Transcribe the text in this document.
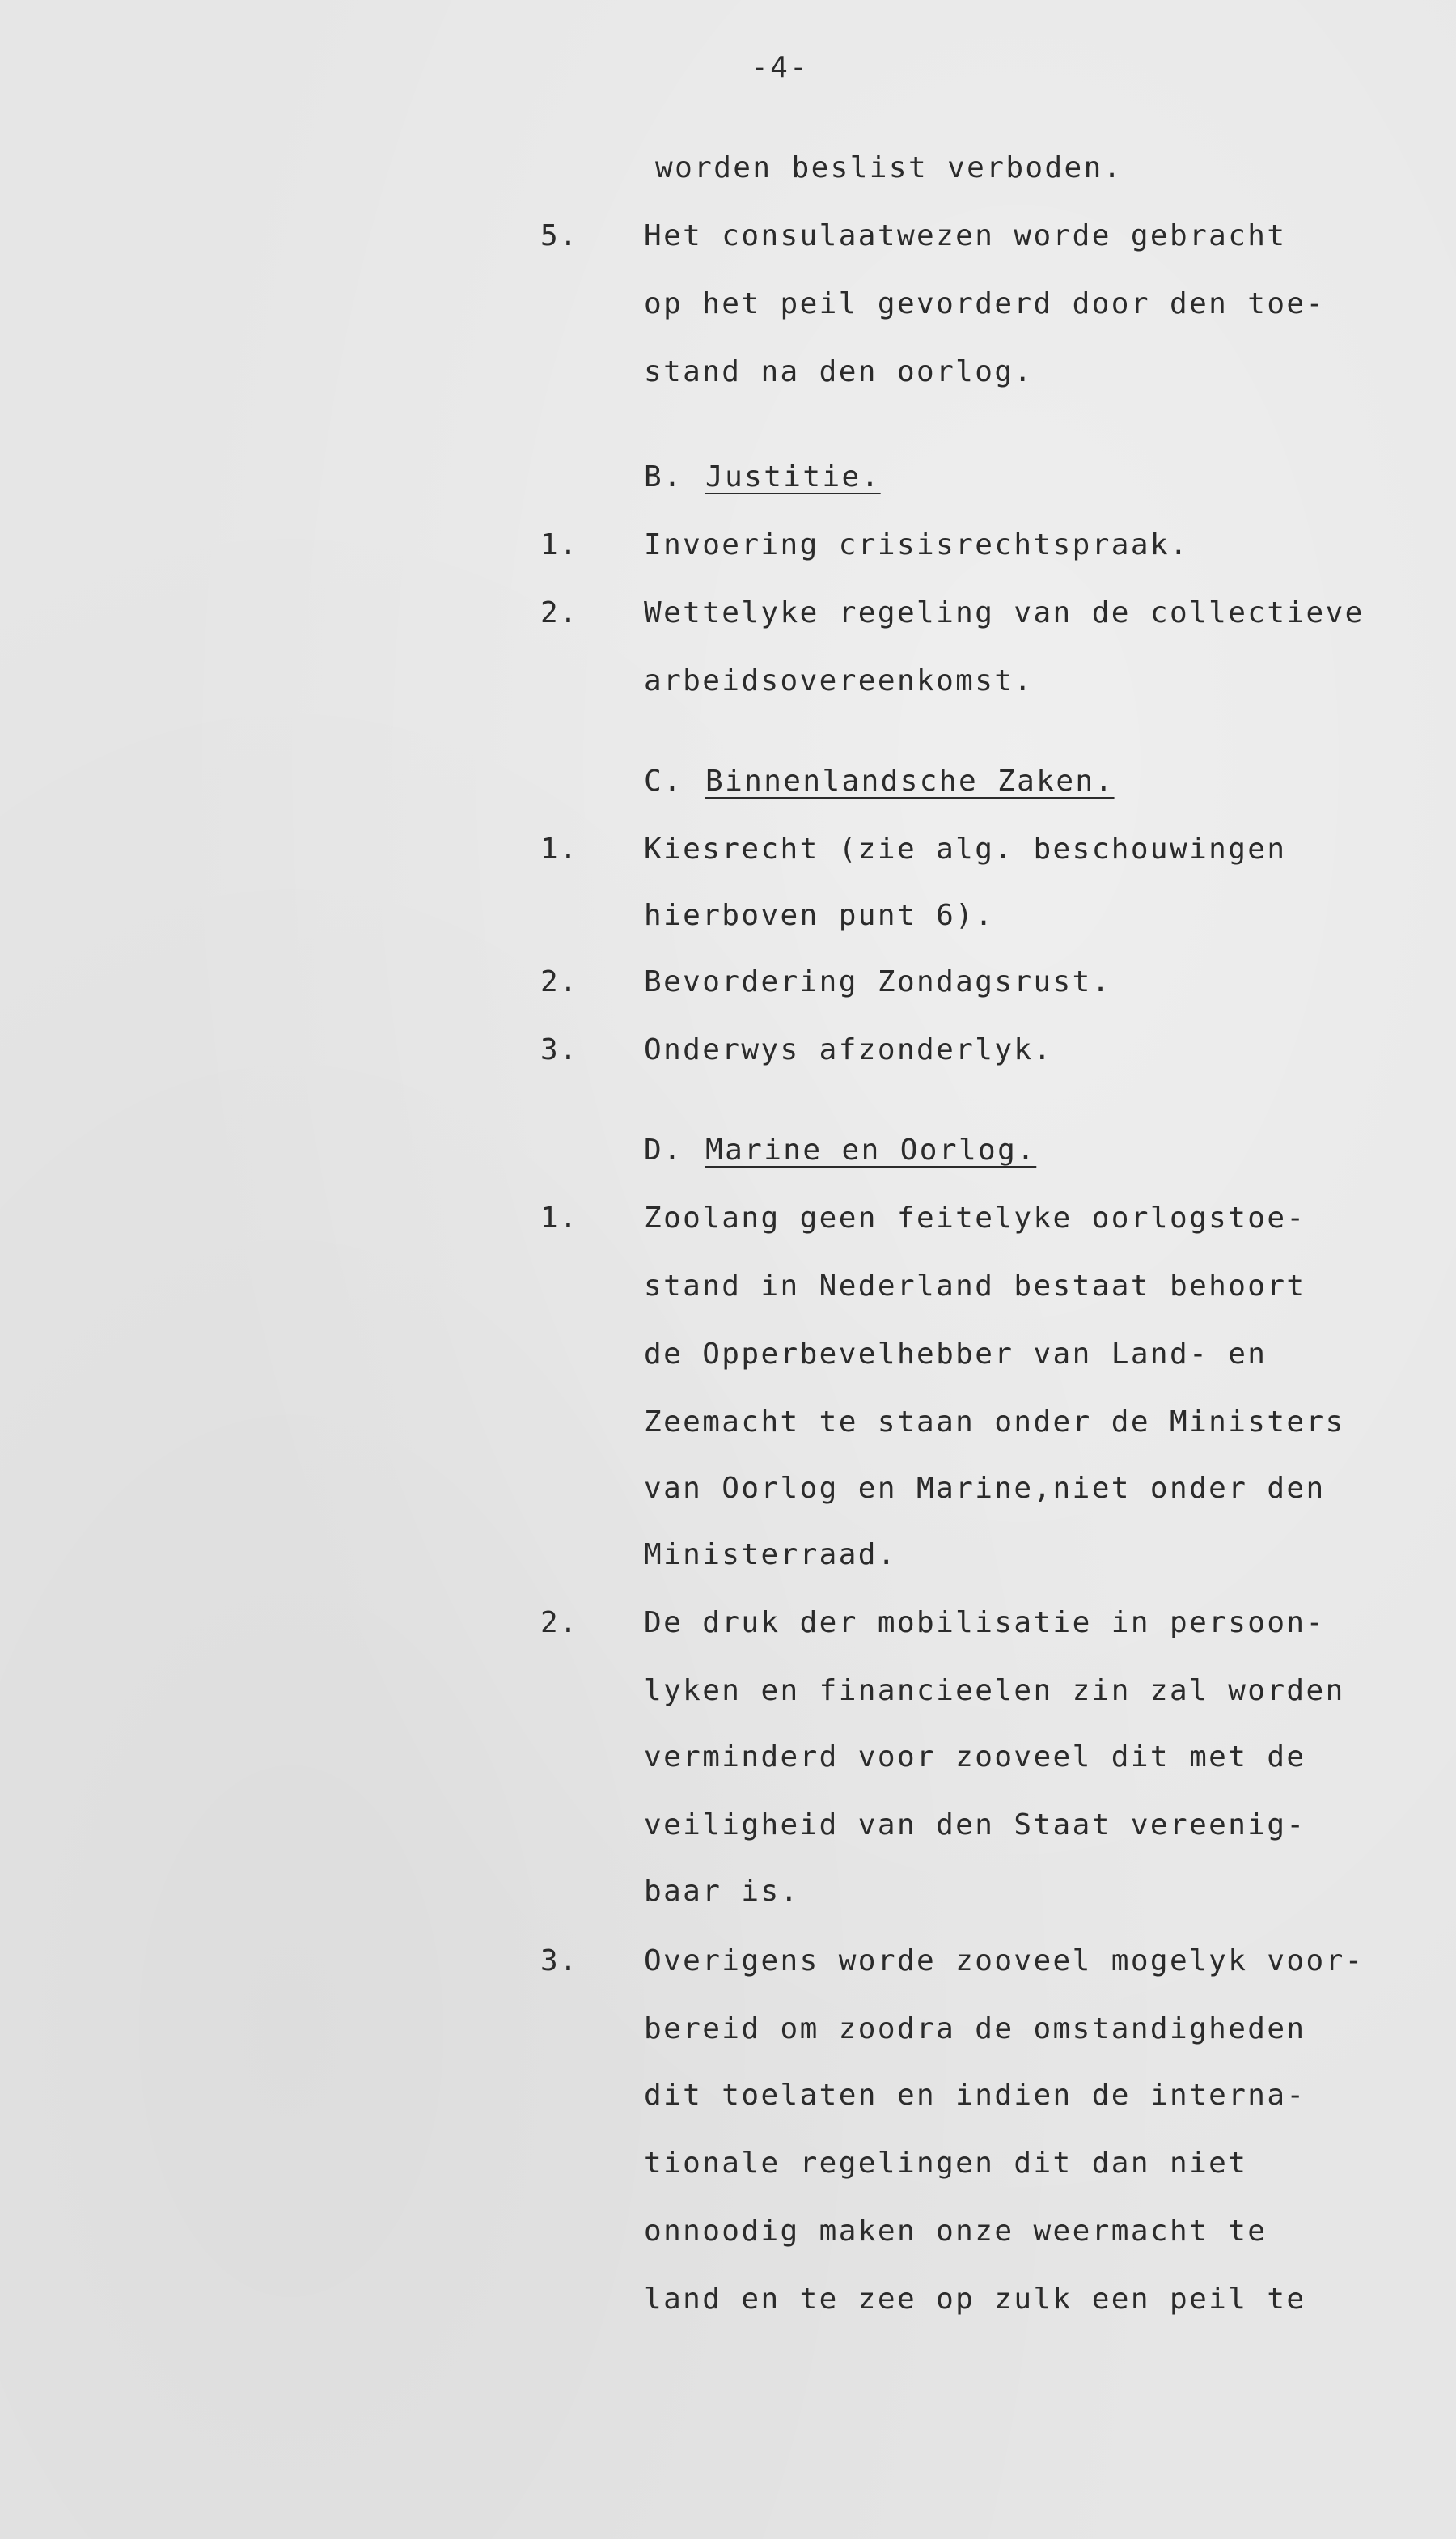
-4-
worden beslist verboden.
5. Het consulaatwezen worde gebracht
op het peil gevorderd door den toe-
stand na den oorlog.
B. Justitie.
1. Invoering crisisrechtspraak.
2. Wettelyke regeling van de collectieve
arbeidsovereenkomst.
C. Binnenlandsche Zaken.
1. Kiesrecht (zie alg. beschouwingen
hierboven punt 6).
2. Bevordering Zondagsrust.
3. Onderwys afzonderlyk.
D. Marine en Oorlog.
1. Zoolang geen feitelyke oorlogstoe-
stand in Nederland bestaat behoort
de Opperbevelhebber van Land- en
Zeemacht te staan onder de Ministers
van Oorlog en Marine,niet onder den
Ministerraad.
2. De druk der mobilisatie in persoon-
lyken en financieelen zin zal worden
verminderd voor zooveel dit met de
veiligheid van den Staat vereenig-
baar is.
3. Overigens worde zooveel mogelyk voor-
bereid om zoodra de omstandigheden
dit toelaten en indien de interna-
tionale regelingen dit dan niet
onnoodig maken onze weermacht te
land en te zee op zulk een peil te
